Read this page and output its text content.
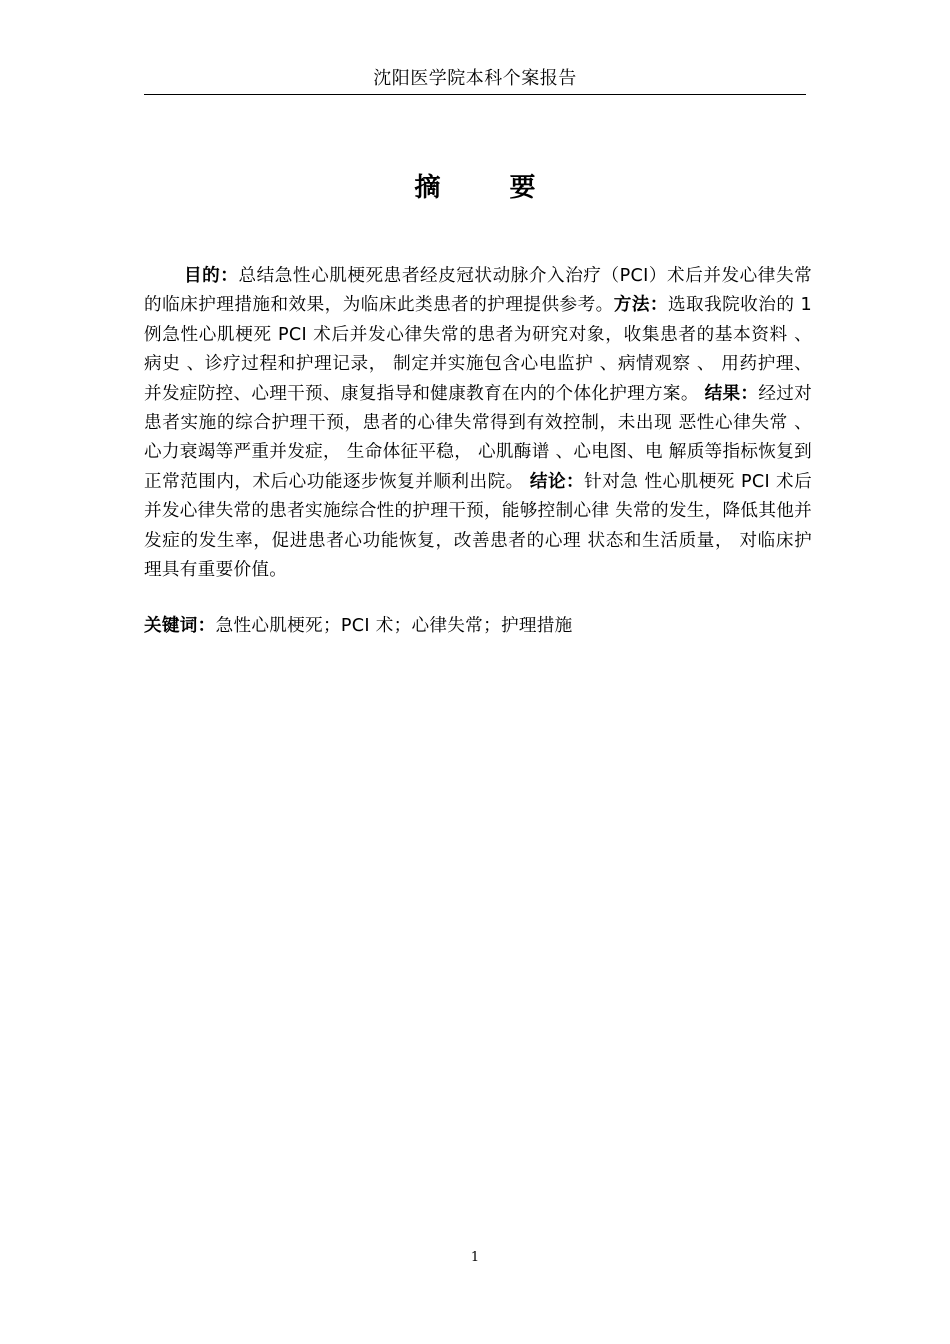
沈阳医学院本科个案报告
摘 要

目的：总结急性心肌梗死患者经皮冠状动脉介入治疗（PCI）术后并发心律失常的临床护理措施和效果，为临床此类患者的护理提供参考。方法：选取我院收治的 1 例急性心肌梗死 PCI 术后并发心律失常的患者为研究对象，收集患者的基本资料 、病史 、诊疗过程和护理记录， 制定并实施包含心电监护 、病情观察 、 用药护理、并发症防控、心理干预、康复指导和健康教育在内的个体化护理方案。 结果：经过对患者实施的综合护理干预，患者的心律失常得到有效控制，未出现 恶性心律失常 、心力衰竭等严重并发症， 生命体征平稳， 心肌酶谱 、心电图、电 解质等指标恢复到正常范围内，术后心功能逐步恢复并顺利出院。 结论：针对急 性心肌梗死 PCI 术后并发心律失常的患者实施综合性的护理干预，能够控制心律 失常的发生，降低其他并发症的发生率，促进患者心功能恢复，改善患者的心理 状态和生活质量， 对临床护理具有重要价值。

关键词：急性心肌梗死；PCI 术；心律失常；护理措施

1
